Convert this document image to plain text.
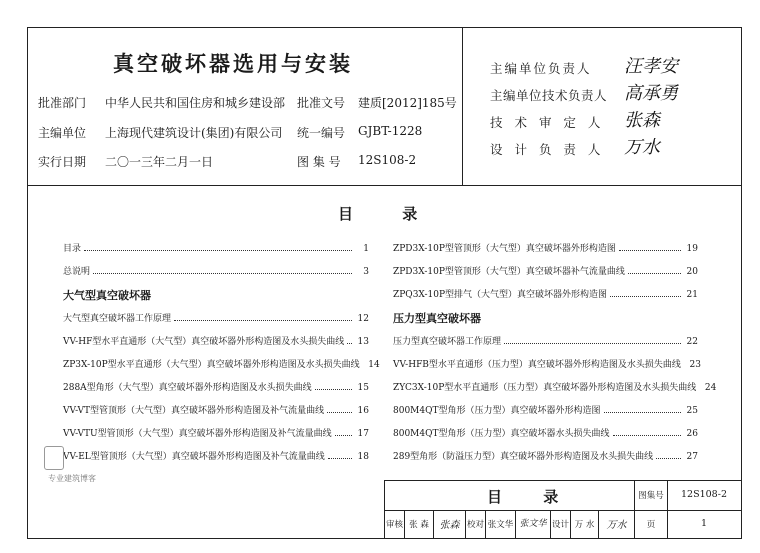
真空破坏器选用与安装
批准部门 中华人民共和国住房和城乡建设部 批准文号 建质[2012]185号
主编单位 上海现代建筑设计(集团)有限公司 统一编号 GJBT-1228
实行日期 二〇一三年二月一日	图 集 号 12S108-2
主编单位负责人 汪孝安
主编单位技术负责人 高承勇
技 术 审 定 人 张森
设 计 负 责 人 万水
目 录
目录	1
总说明	3
大气型真空破坏器
大气型真空破坏器工作原理	12
VV-HF型水平直通形（大气型）真空破坏器外形构造图及水头损失曲线 13
ZP3X-10P型水平直通形（大气型）真空破坏器外形构造图及水头损失曲线 14
288A型角形（大气型）真空破坏器外形构造图及水头损失曲线	15
VV-VT型管顶形（大气型）真空破坏器外形构造图及补气流量曲线	16
VV-VTU型管顶形（大气型）真空破坏器外形构造图及补气流量曲线	17
VV-EL型管顶形（大气型）真空破坏器外形构造图及补气流量曲线	18
ZPD3X-10P型管顶形（大气型）真空破坏器外形构造图	19
ZPD3X-10P型管顶形（大气型）真空破坏器补气流量曲线	20
ZPQ3X-10P型排气（大气型）真空破坏器外形构造图	21
压力型真空破坏器
压力型真空破坏器工作原理	22
VV-HFB型水平直通形（压力型）真空破坏器外形构造图及水头损失曲线 23
ZYC3X-10P型水平直通形（压力型）真空破坏器外形构造图及水头损失曲线 24
800M4QT型角形（压力型）真空破坏器外形构造图	25
800M4QT型角形（压力型）真空破坏器水头损失曲线	26
289型角形（防溢压力型）真空破坏器外形构造图及水头损失曲线	27
专业建筑博客
目 录	图集号	12S108-2
审核 张 森	张森 校对 张文华 张文华 设计 万 水	万水	页	1
